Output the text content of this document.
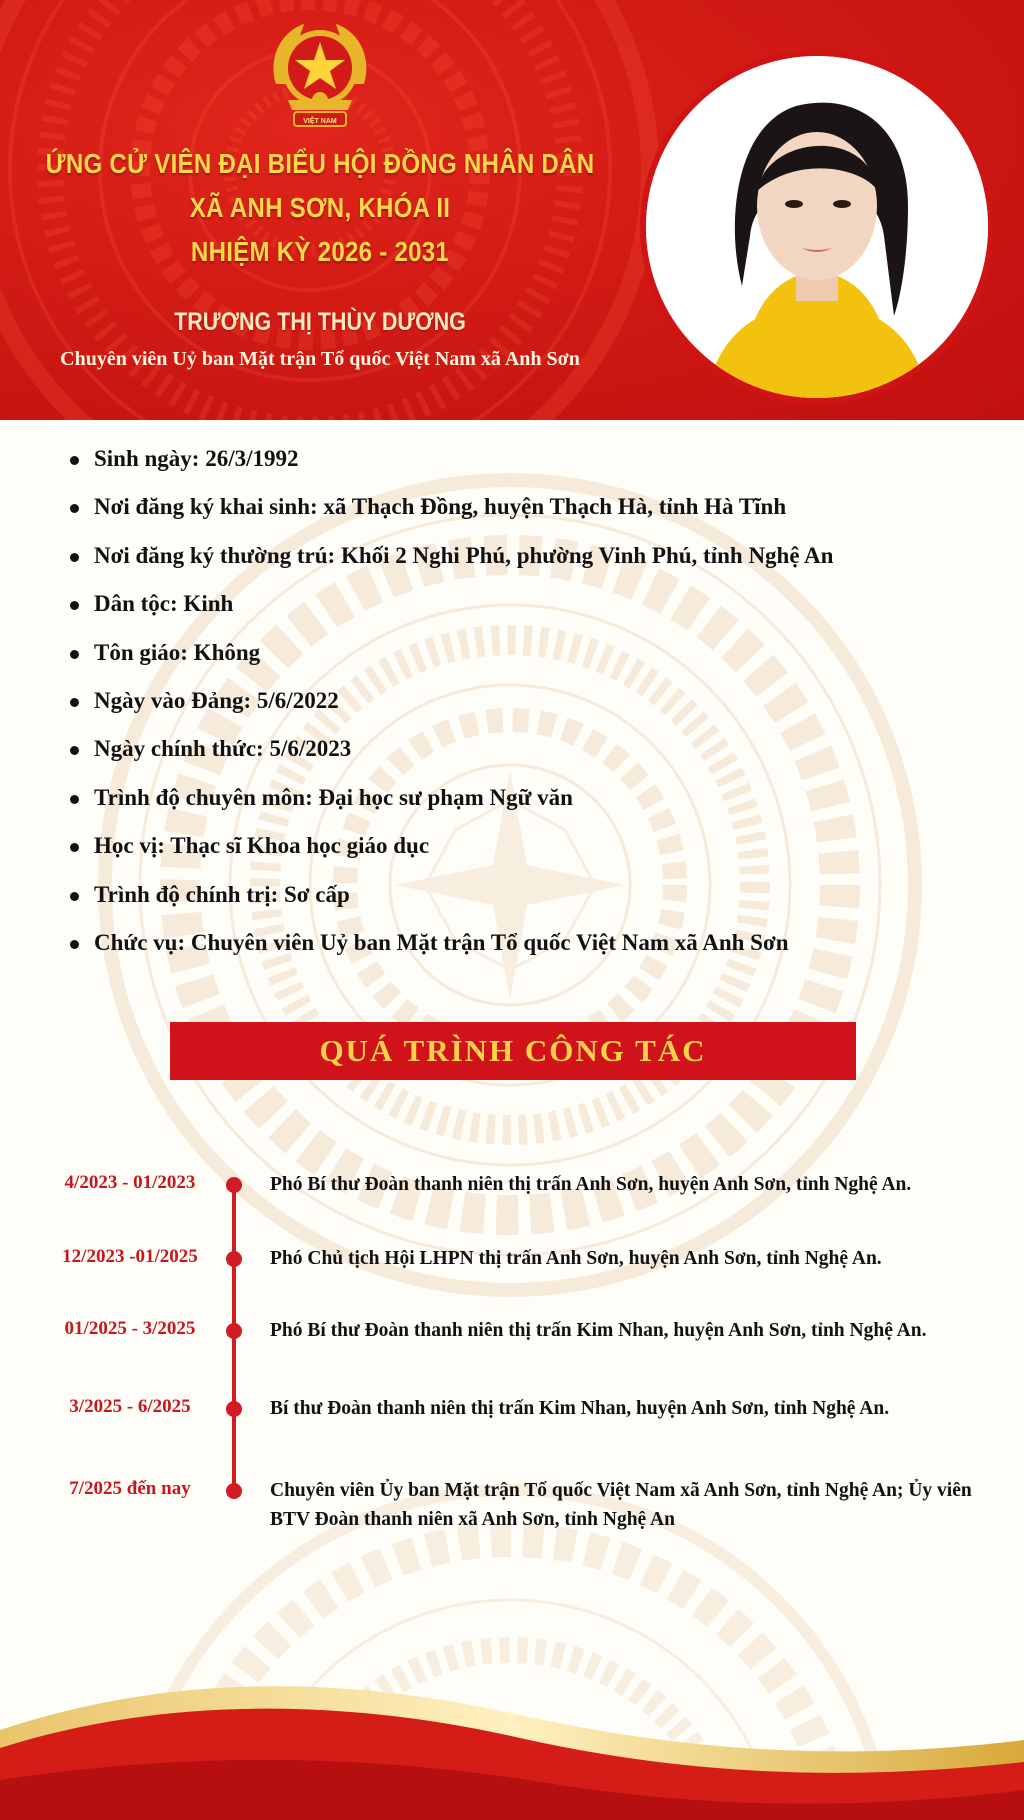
VIỆT NAM
ỨNG CỬ VIÊN ĐẠI BIỂU HỘI ĐỒNG NHÂN DÂN
XÃ ANH SƠN, KHÓA II
NHIỆM KỲ 2026 - 2031
TRƯƠNG THỊ THÙY DƯƠNG
Chuyên viên Uỷ ban Mặt trận Tổ quốc Việt Nam xã Anh Sơn
Sinh ngày: 26/3/1992
Nơi đăng ký khai sinh: xã Thạch Đồng, huyện Thạch Hà, tỉnh Hà Tĩnh
Nơi đăng ký thường trú: Khối 2 Nghi Phú, phường Vinh Phú, tỉnh Nghệ An
Dân tộc: Kinh
Tôn giáo: Không
Ngày vào Đảng: 5/6/2022
Ngày chính thức: 5/6/2023
Trình độ chuyên môn: Đại học sư phạm Ngữ văn
Học vị: Thạc sĩ Khoa học giáo dục
Trình độ chính trị: Sơ cấp
Chức vụ: Chuyên viên Uỷ ban Mặt trận Tổ quốc Việt Nam xã Anh Sơn
QUÁ TRÌNH CÔNG TÁC
4/2023 - 01/2023	Phó Bí thư Đoàn thanh niên thị trấn Anh Sơn, huyện Anh Sơn, tỉnh Nghệ An.
12/2023 -01/2025	Phó Chủ tịch Hội LHPN thị trấn Anh Sơn, huyện Anh Sơn, tỉnh Nghệ An.
01/2025 - 3/2025	Phó Bí thư Đoàn thanh niên thị trấn Kim Nhan, huyện Anh Sơn, tỉnh Nghệ An.
3/2025 - 6/2025	Bí thư Đoàn thanh niên thị trấn Kim Nhan, huyện Anh Sơn, tỉnh Nghệ An.
7/2025 đến nay	Chuyên viên Ủy ban Mặt trận Tổ quốc Việt Nam xã Anh Sơn, tỉnh Nghệ An; Ủy viên BTV Đoàn thanh niên xã Anh Sơn, tỉnh Nghệ An
